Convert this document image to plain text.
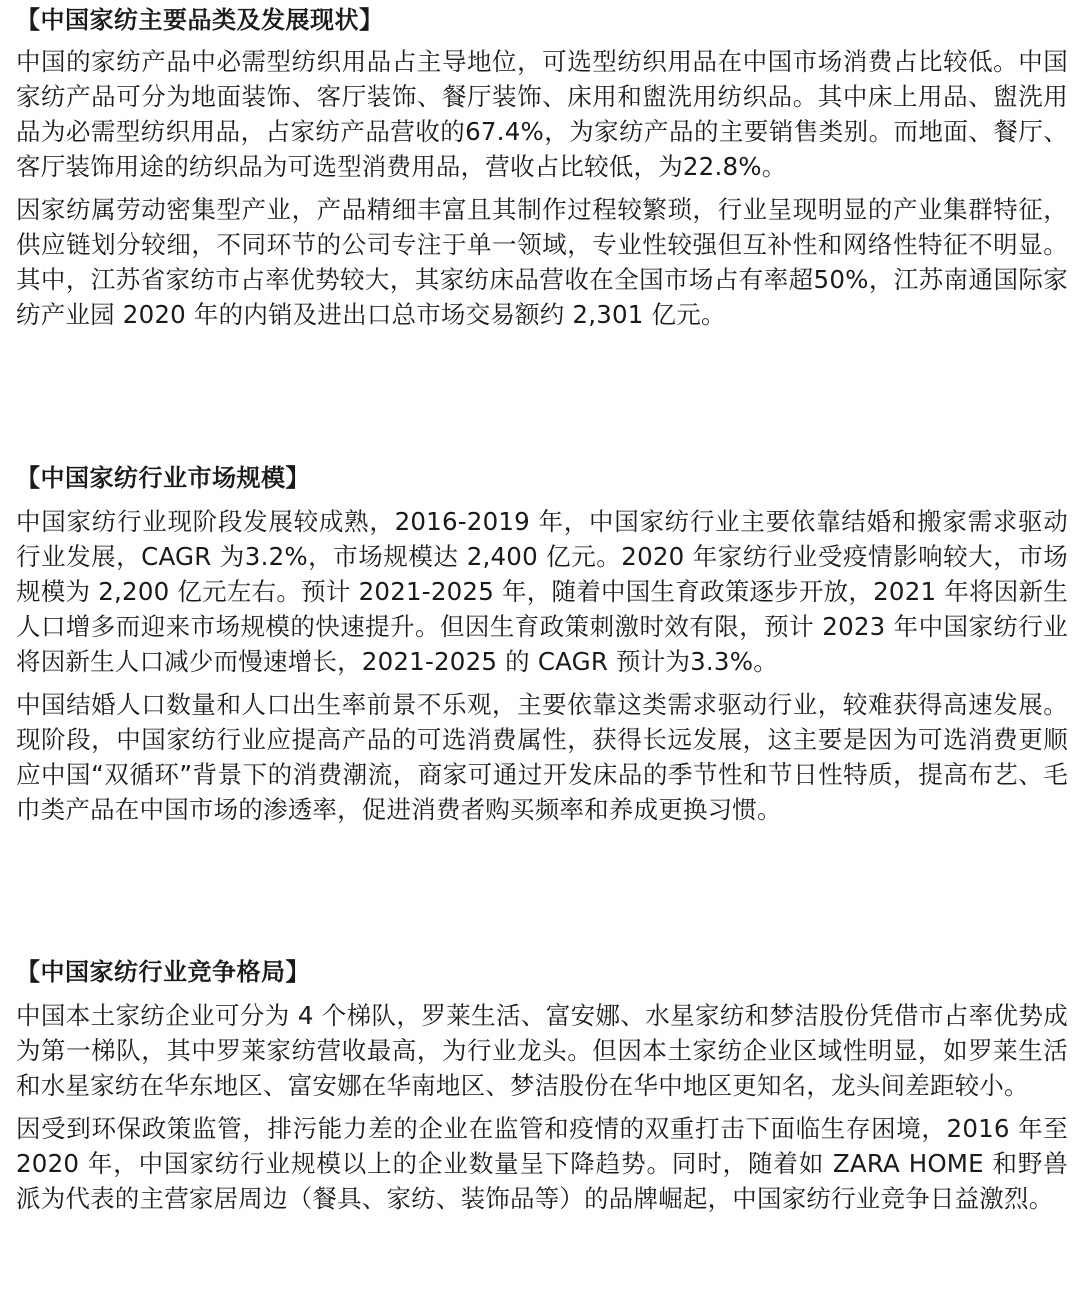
【中国家纺主要品类及发展现状】

中国的家纺产品中必需型纺织用品占主导地位，可选型纺织用品在中国市场消费占比较低。中国家纺产品可分为地面装饰、客厅装饰、餐厅装饰、床用和盥洗用纺织品。其中床上用品、盥洗用品为必需型纺织用品，占家纺产品营收的67.4%，为家纺产品的主要销售类别。而地面、餐厅、客厅装饰用途的纺织品为可选型消费用品，营收占比较低，为22.8%。

因家纺属劳动密集型产业，产品精细丰富且其制作过程较繁琐，行业呈现明显的产业集群特征，供应链划分较细，不同环节的公司专注于单一领域，专业性较强但互补性和网络性特征不明显。其中，江苏省家纺市占率优势较大，其家纺床品营收在全国市场占有率超50%，江苏南通国际家纺产业园 2020 年的内销及进出口总市场交易额约 2,301 亿元。

【中国家纺行业市场规模】

中国家纺行业现阶段发展较成熟，2016-2019 年，中国家纺行业主要依靠结婚和搬家需求驱动行业发展，CAGR 为3.2%，市场规模达 2,400 亿元。2020 年家纺行业受疫情影响较大，市场规模为 2,200 亿元左右。预计 2021-2025 年，随着中国生育政策逐步开放，2021 年将因新生人口增多而迎来市场规模的快速提升。但因生育政策刺激时效有限，预计 2023 年中国家纺行业将因新生人口减少而慢速增长，2021-2025 的 CAGR 预计为3.3%。

中国结婚人口数量和人口出生率前景不乐观，主要依靠这类需求驱动行业，较难获得高速发展。现阶段，中国家纺行业应提高产品的可选消费属性，获得长远发展，这主要是因为可选消费更顺应中国“双循环”背景下的消费潮流，商家可通过开发床品的季节性和节日性特质，提高布艺、毛巾类产品在中国市场的渗透率，促进消费者购买频率和养成更换习惯。

【中国家纺行业竞争格局】

中国本土家纺企业可分为 4 个梯队，罗莱生活、富安娜、水星家纺和梦洁股份凭借市占率优势成为第一梯队，其中罗莱家纺营收最高，为行业龙头。但因本土家纺企业区域性明显，如罗莱生活和水星家纺在华东地区、富安娜在华南地区、梦洁股份在华中地区更知名，龙头间差距较小。

因受到环保政策监管，排污能力差的企业在监管和疫情的双重打击下面临生存困境，2016 年至 2020 年，中国家纺行业规模以上的企业数量呈下降趋势。同时，随着如 ZARA HOME 和野兽派为代表的主营家居周边（餐具、家纺、装饰品等）的品牌崛起，中国家纺行业竞争日益激烈。
